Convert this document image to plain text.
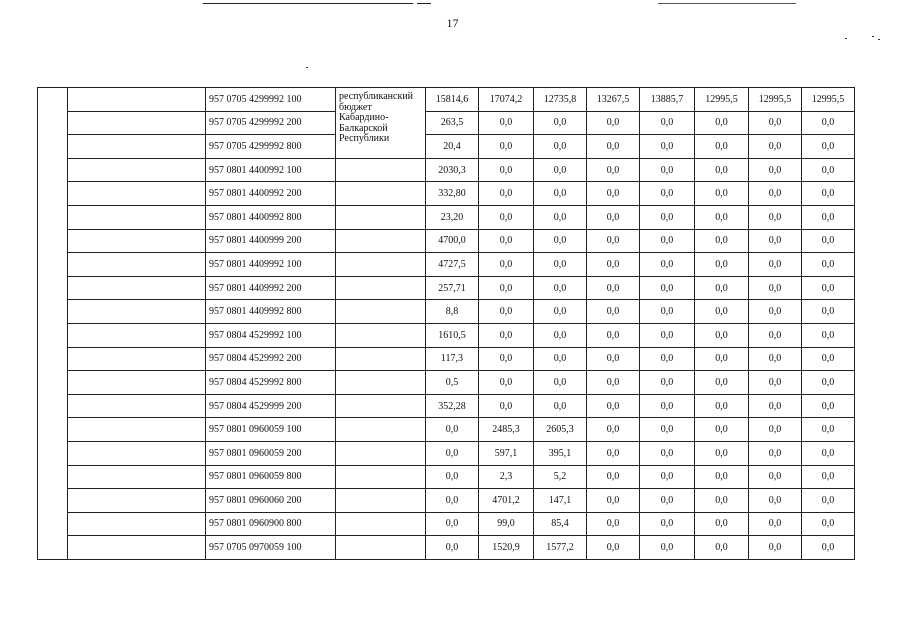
17
		957 0705 4299992 100	республиканский бюджет Кабардино-Балкарской Республики	15814,6	17074,2	12735,8	13267,5	13885,7	12995,5	12995,5	12995,5
		957 0705 4299992 200		263,5	0,0	0,0	0,0	0,0	0,0	0,0	0,0
		957 0705 4299992 800		20,4	0,0	0,0	0,0	0,0	0,0	0,0	0,0
		957 0801 4400992 100		2030,3	0,0	0,0	0,0	0,0	0,0	0,0	0,0
		957 0801 4400992 200		332,80	0,0	0,0	0,0	0,0	0,0	0,0	0,0
		957 0801 4400992 800		23,20	0,0	0,0	0,0	0,0	0,0	0,0	0,0
		957 0801 4400999 200		4700,0	0,0	0,0	0,0	0,0	0,0	0,0	0,0
		957 0801 4409992 100		4727,5	0,0	0,0	0,0	0,0	0,0	0,0	0,0
		957 0801 4409992 200		257,71	0,0	0,0	0,0	0,0	0,0	0,0	0,0
		957 0801 4409992 800		8,8	0,0	0,0	0,0	0,0	0,0	0,0	0,0
		957 0804 4529992 100		1610,5	0,0	0,0	0,0	0,0	0,0	0,0	0,0
		957 0804 4529992 200		117,3	0,0	0,0	0,0	0,0	0,0	0,0	0,0
		957 0804 4529992 800		0,5	0,0	0,0	0,0	0,0	0,0	0,0	0,0
		957 0804 4529999 200		352,28	0,0	0,0	0,0	0,0	0,0	0,0	0,0
		957 0801 0960059 100		0,0	2485,3	2605,3	0,0	0,0	0,0	0,0	0,0
		957 0801 0960059 200		0,0	597,1	395,1	0,0	0,0	0,0	0,0	0,0
		957 0801 0960059 800		0,0	2,3	5,2	0,0	0,0	0,0	0,0	0,0
		957 0801 0960060 200		0,0	4701,2	147,1	0,0	0,0	0,0	0,0	0,0
		957 0801 0960900 800		0,0	99,0	85,4	0,0	0,0	0,0	0,0	0,0
		957 0705 0970059 100		0,0	1520,9	1577,2	0,0	0,0	0,0	0,0	0,0
